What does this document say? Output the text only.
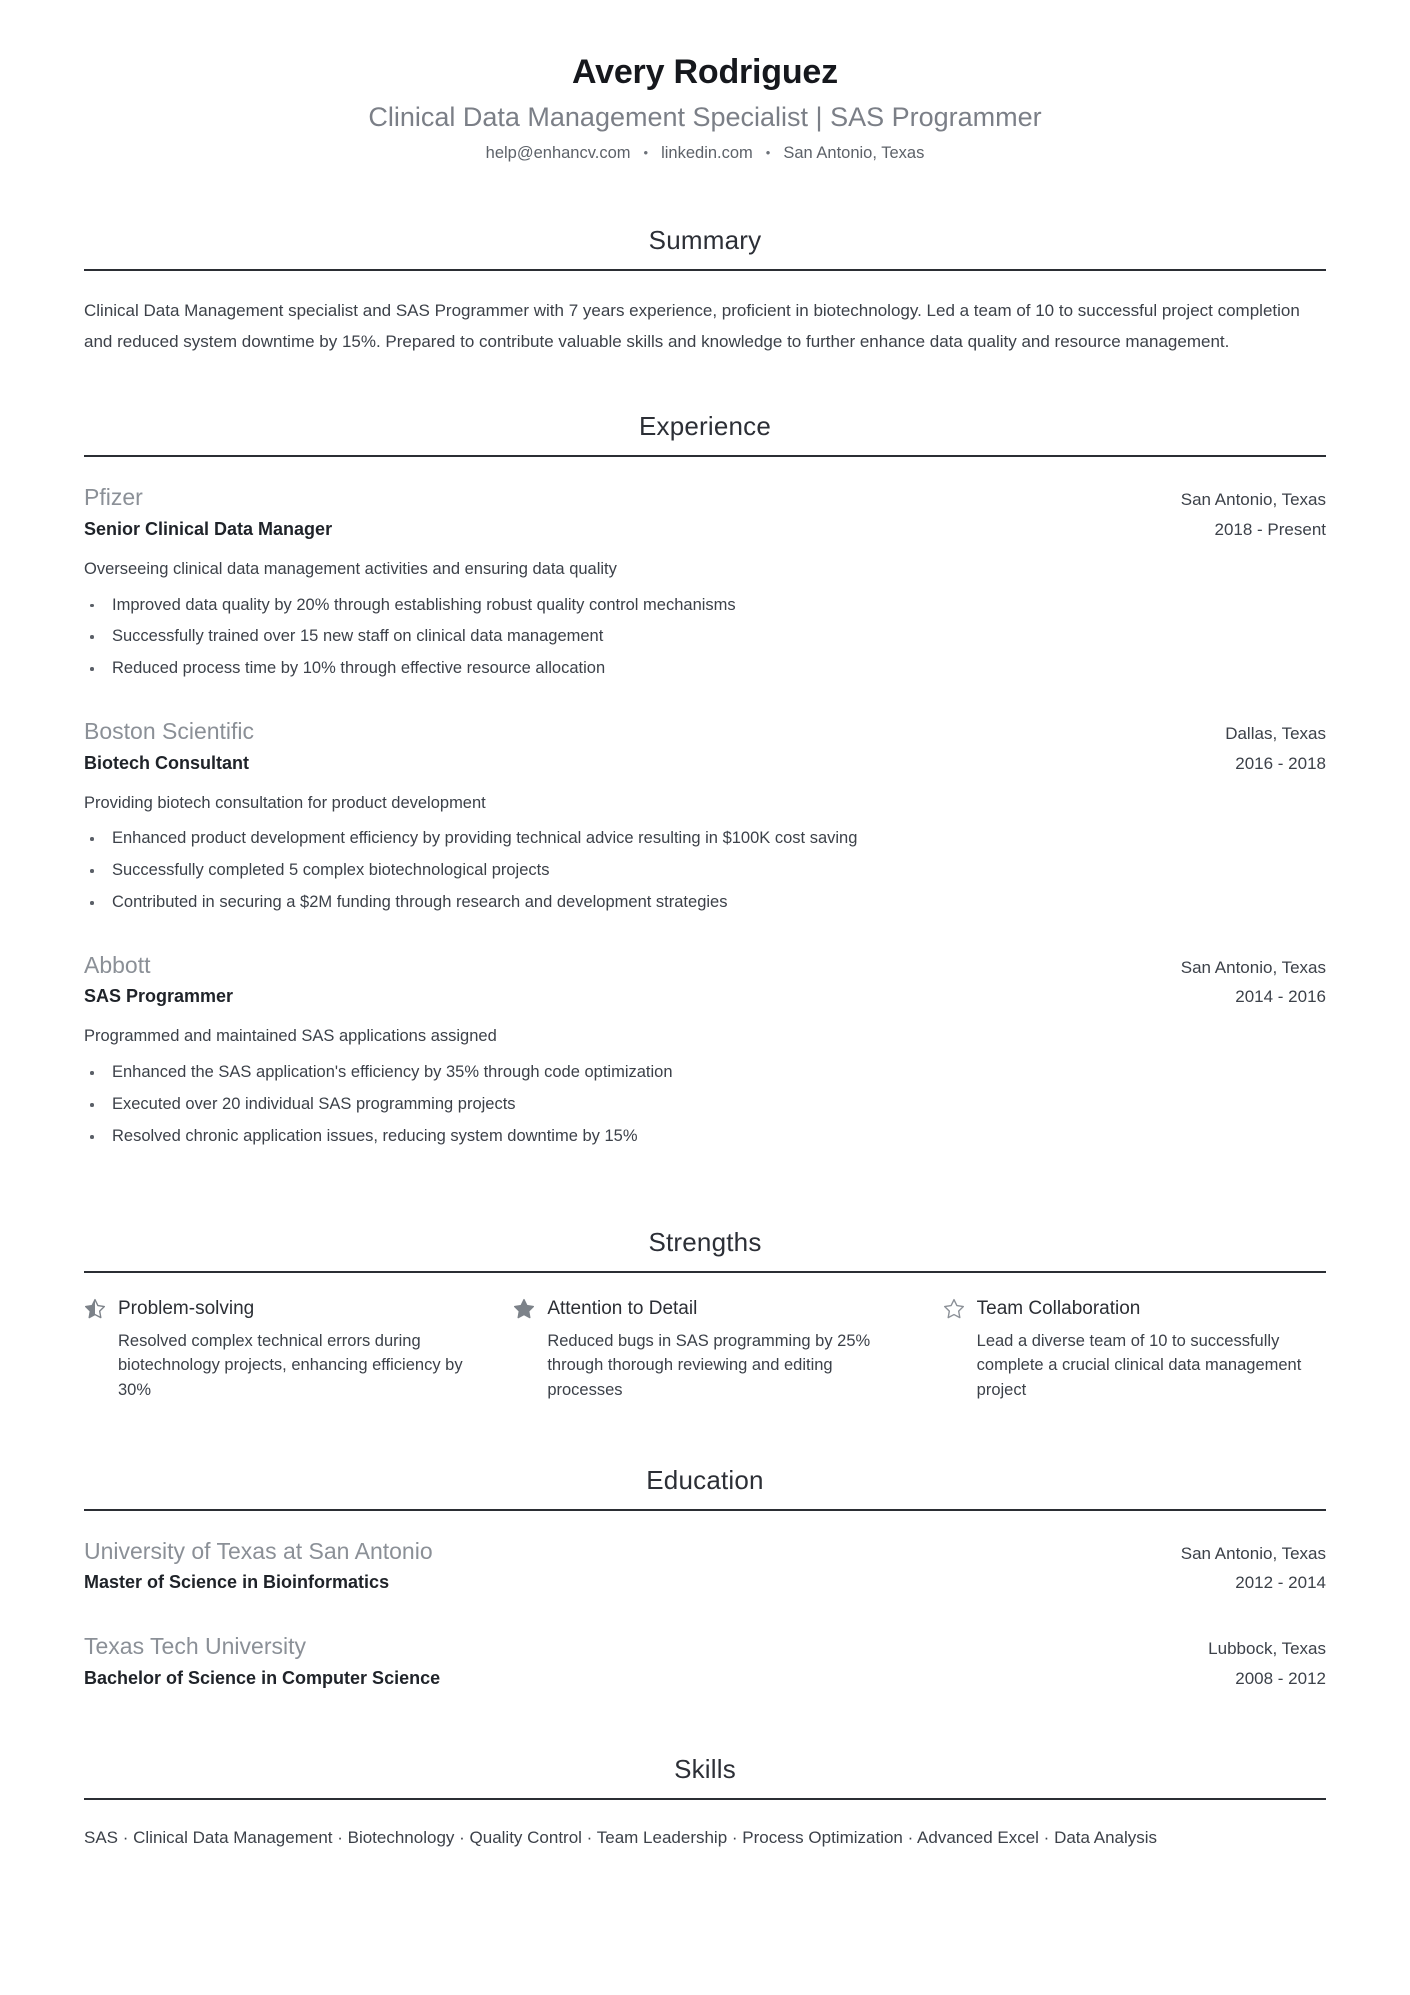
Avery Rodriguez
Clinical Data Management Specialist | SAS Programmer
help@enhancv.com • linkedin.com • San Antonio, Texas
Summary

Clinical Data Management specialist and SAS Programmer with 7 years experience, proficient in biotechnology. Led a team of 10 to successful project completion and reduced system downtime by 15%. Prepared to contribute valuable skills and knowledge to further enhance data quality and resource management.

Experience
Pfizer	San Antonio, Texas
Senior Clinical Data Manager	2018 - Present
Overseeing clinical data management activities and ensuring data quality
Improved data quality by 20% through establishing robust quality control mechanisms
Successfully trained over 15 new staff on clinical data management
Reduced process time by 10% through effective resource allocation
Boston Scientific	Dallas, Texas
Biotech Consultant	2016 - 2018
Providing biotech consultation for product development
Enhanced product development efficiency by providing technical advice resulting in $100K cost saving
Successfully completed 5 complex biotechnological projects
Contributed in securing a $2M funding through research and development strategies
Abbott	San Antonio, Texas
SAS Programmer	2014 - 2016
Programmed and maintained SAS applications assigned
Enhanced the SAS application's efficiency by 35% through code optimization
Executed over 20 individual SAS programming projects
Resolved chronic application issues, reducing system downtime by 15%
Strengths
Problem-solving
Resolved complex technical errors during biotechnology projects, enhancing efficiency by 30%
Attention to Detail
Reduced bugs in SAS programming by 25% through thorough reviewing and editing processes
Team Collaboration
Lead a diverse team of 10 to successfully complete a crucial clinical data management project
Education
University of Texas at San Antonio	San Antonio, Texas
Master of Science in Bioinformatics	2012 - 2014
Texas Tech University	Lubbock, Texas
Bachelor of Science in Computer Science	2008 - 2012
Skills
SAS · Clinical Data Management · Biotechnology · Quality Control · Team Leadership · Process Optimization · Advanced Excel · Data Analysis
